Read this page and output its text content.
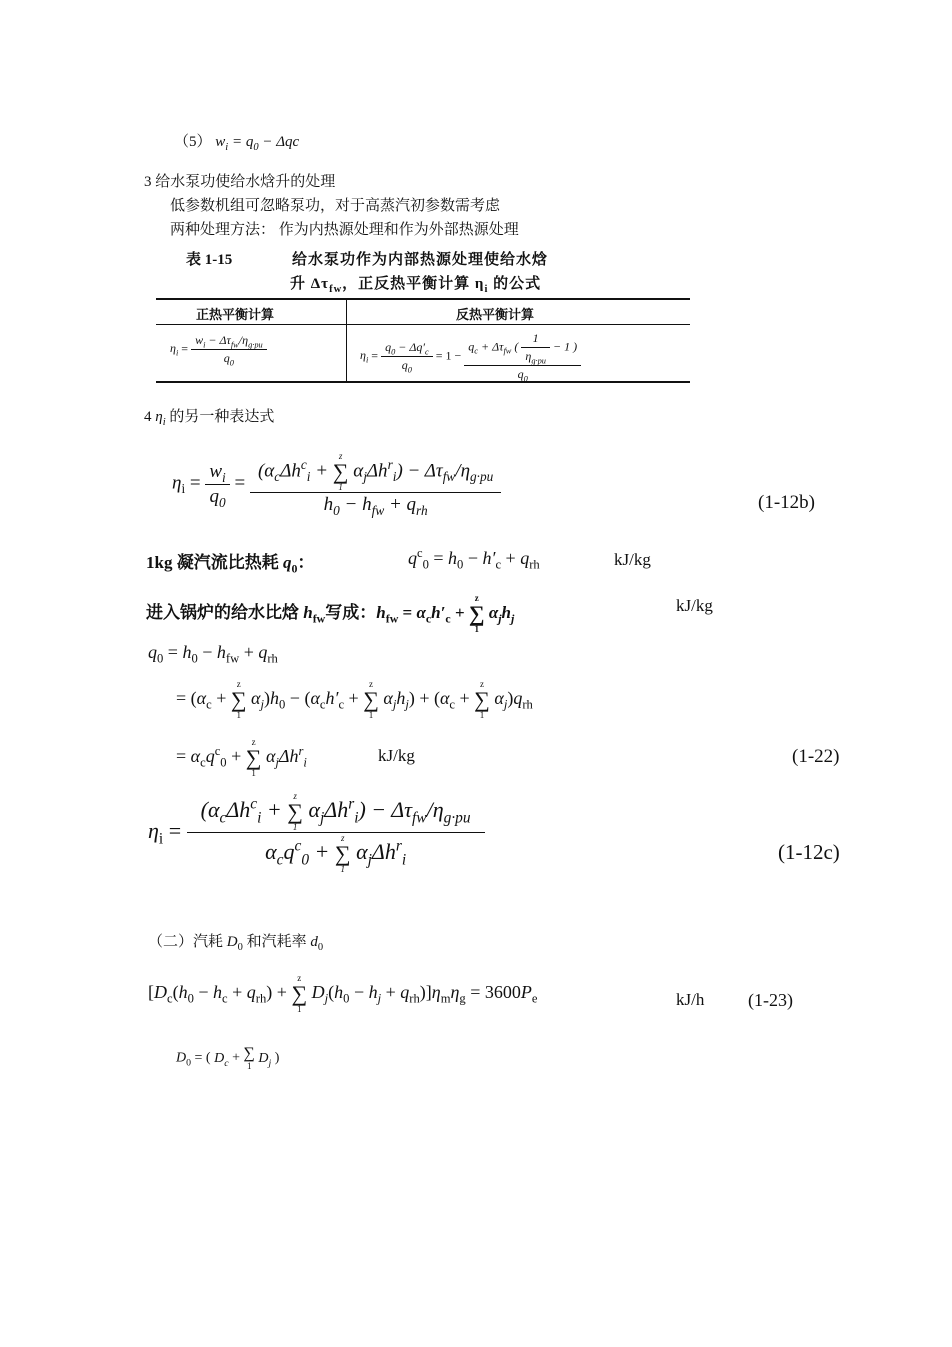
（5） $w_i = q_0 - \Delta qc$
3 给水泵功使给水焓升的处理
低参数机组可忽略泵功，对于高蒸汽初参数需考虑
两种处理方法： 作为内热源处理和作为外部热源处理
表 1-15	给水泵功作为内部热源处理使给水焓
升 $\Delta\tau_{fw}$，正反热平衡计算 $\eta_i$ 的公式
正热平衡计算	反热平衡计算
$\eta_i = \frac{w_i - \Delta\tau_{fw}/\eta_{g\cdot pu}}{q_0}$	$\eta_i = \frac{q_0 - \Delta q'_c}{q_0} = 1 - \frac{q_c + \Delta\tau_{fw} ( \frac{1}{\eta_{g\cdot pu}} - 1 )}{q_0}$
4 $\eta_i$ 的另一种表达式
$\eta_i = \frac{w_i}{q_0} = (\alpha_c\Delta h^c_i$ +
z
∑
1
$\alpha_j\Delta h^r_i) - \Delta\tau_{fw}/\eta_{g\cdot pu}$
$h_0 - h_{fw} + q_{rh}$	(1-12b)
1kg 凝汽流比热耗 $q_0$：	$q^c_0 = h_0 - h'_c + q_{rh}$	kJ/kg
进入锅炉的给水比焓 $h_{fw}$写成：$h_{fw} = \alpha_ch'_c$ +
z
∑
1
$\alpha_jh_j$
kJ/kg
$q_0 = h_0 - h_{fw} + q_{rh}$
= ($\alpha_c$ +
z
∑
1
$\alpha_j)h_0 - (\alpha_ch'_c$ +
z
∑
1
$\alpha_jh_j) + (\alpha_c$ +
z
∑
1
$\alpha_j)q_{rh}$
= $\alpha_cq^c_0$ +
z
∑
1
$\alpha_j\Delta h^r_i$	kJ/kg	(1-22)
$\eta_i = (\alpha_c\Delta h^c_i$ +
z
∑
1
$\alpha_j\Delta h^r_i) - \Delta\tau_{fw}/\eta_{g\cdot pu}$
$\alpha_cq^c_0$ +
z
∑
1
$\alpha_j\Delta h^r_i$	(1-12c)
（二）汽耗 $D_0$ 和汽耗率 $d_0$
[$D_c(h_0 - h_c + q_{rh})$ +
z
∑
1
$D_j(h_0 - h_j + q_{rh})]\eta_m\eta_g = 3600P_e$	kJ/h (1-23)
$D_0$ = ( $D_c$ + ∑
1
$D_j$ )
